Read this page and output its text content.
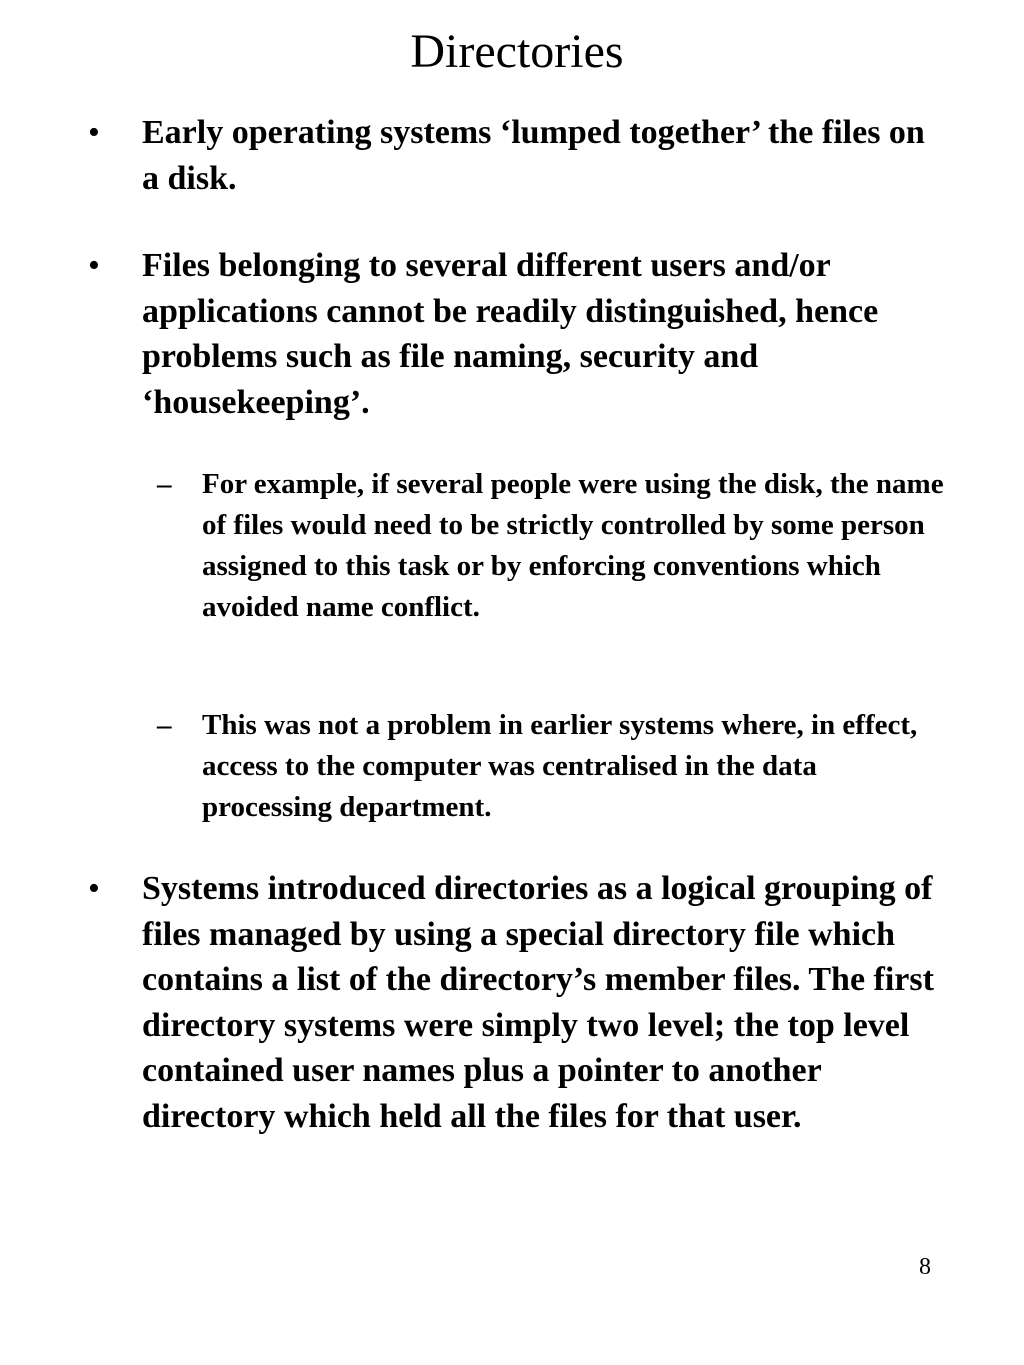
Directories
•	Early operating systems ‘lumped together’ the files on a disk.
•	Files belonging to several different users and/or applications cannot be readily distinguished, hence problems such as file naming, security and ‘housekeeping’.
–	For example, if several people were using the disk, the name of files would need to be strictly controlled by some person assigned to this task or by enforcing conventions which avoided name conflict.
–	This was not a problem in earlier systems where, in effect, access to the computer was centralised in the data processing department.
•	Systems introduced directories as a logical grouping of files managed by using a special directory file which contains a list of the directory’s member files. The first directory systems were simply two level; the top level contained user names plus a pointer to another directory which held all the files for that user.
8
